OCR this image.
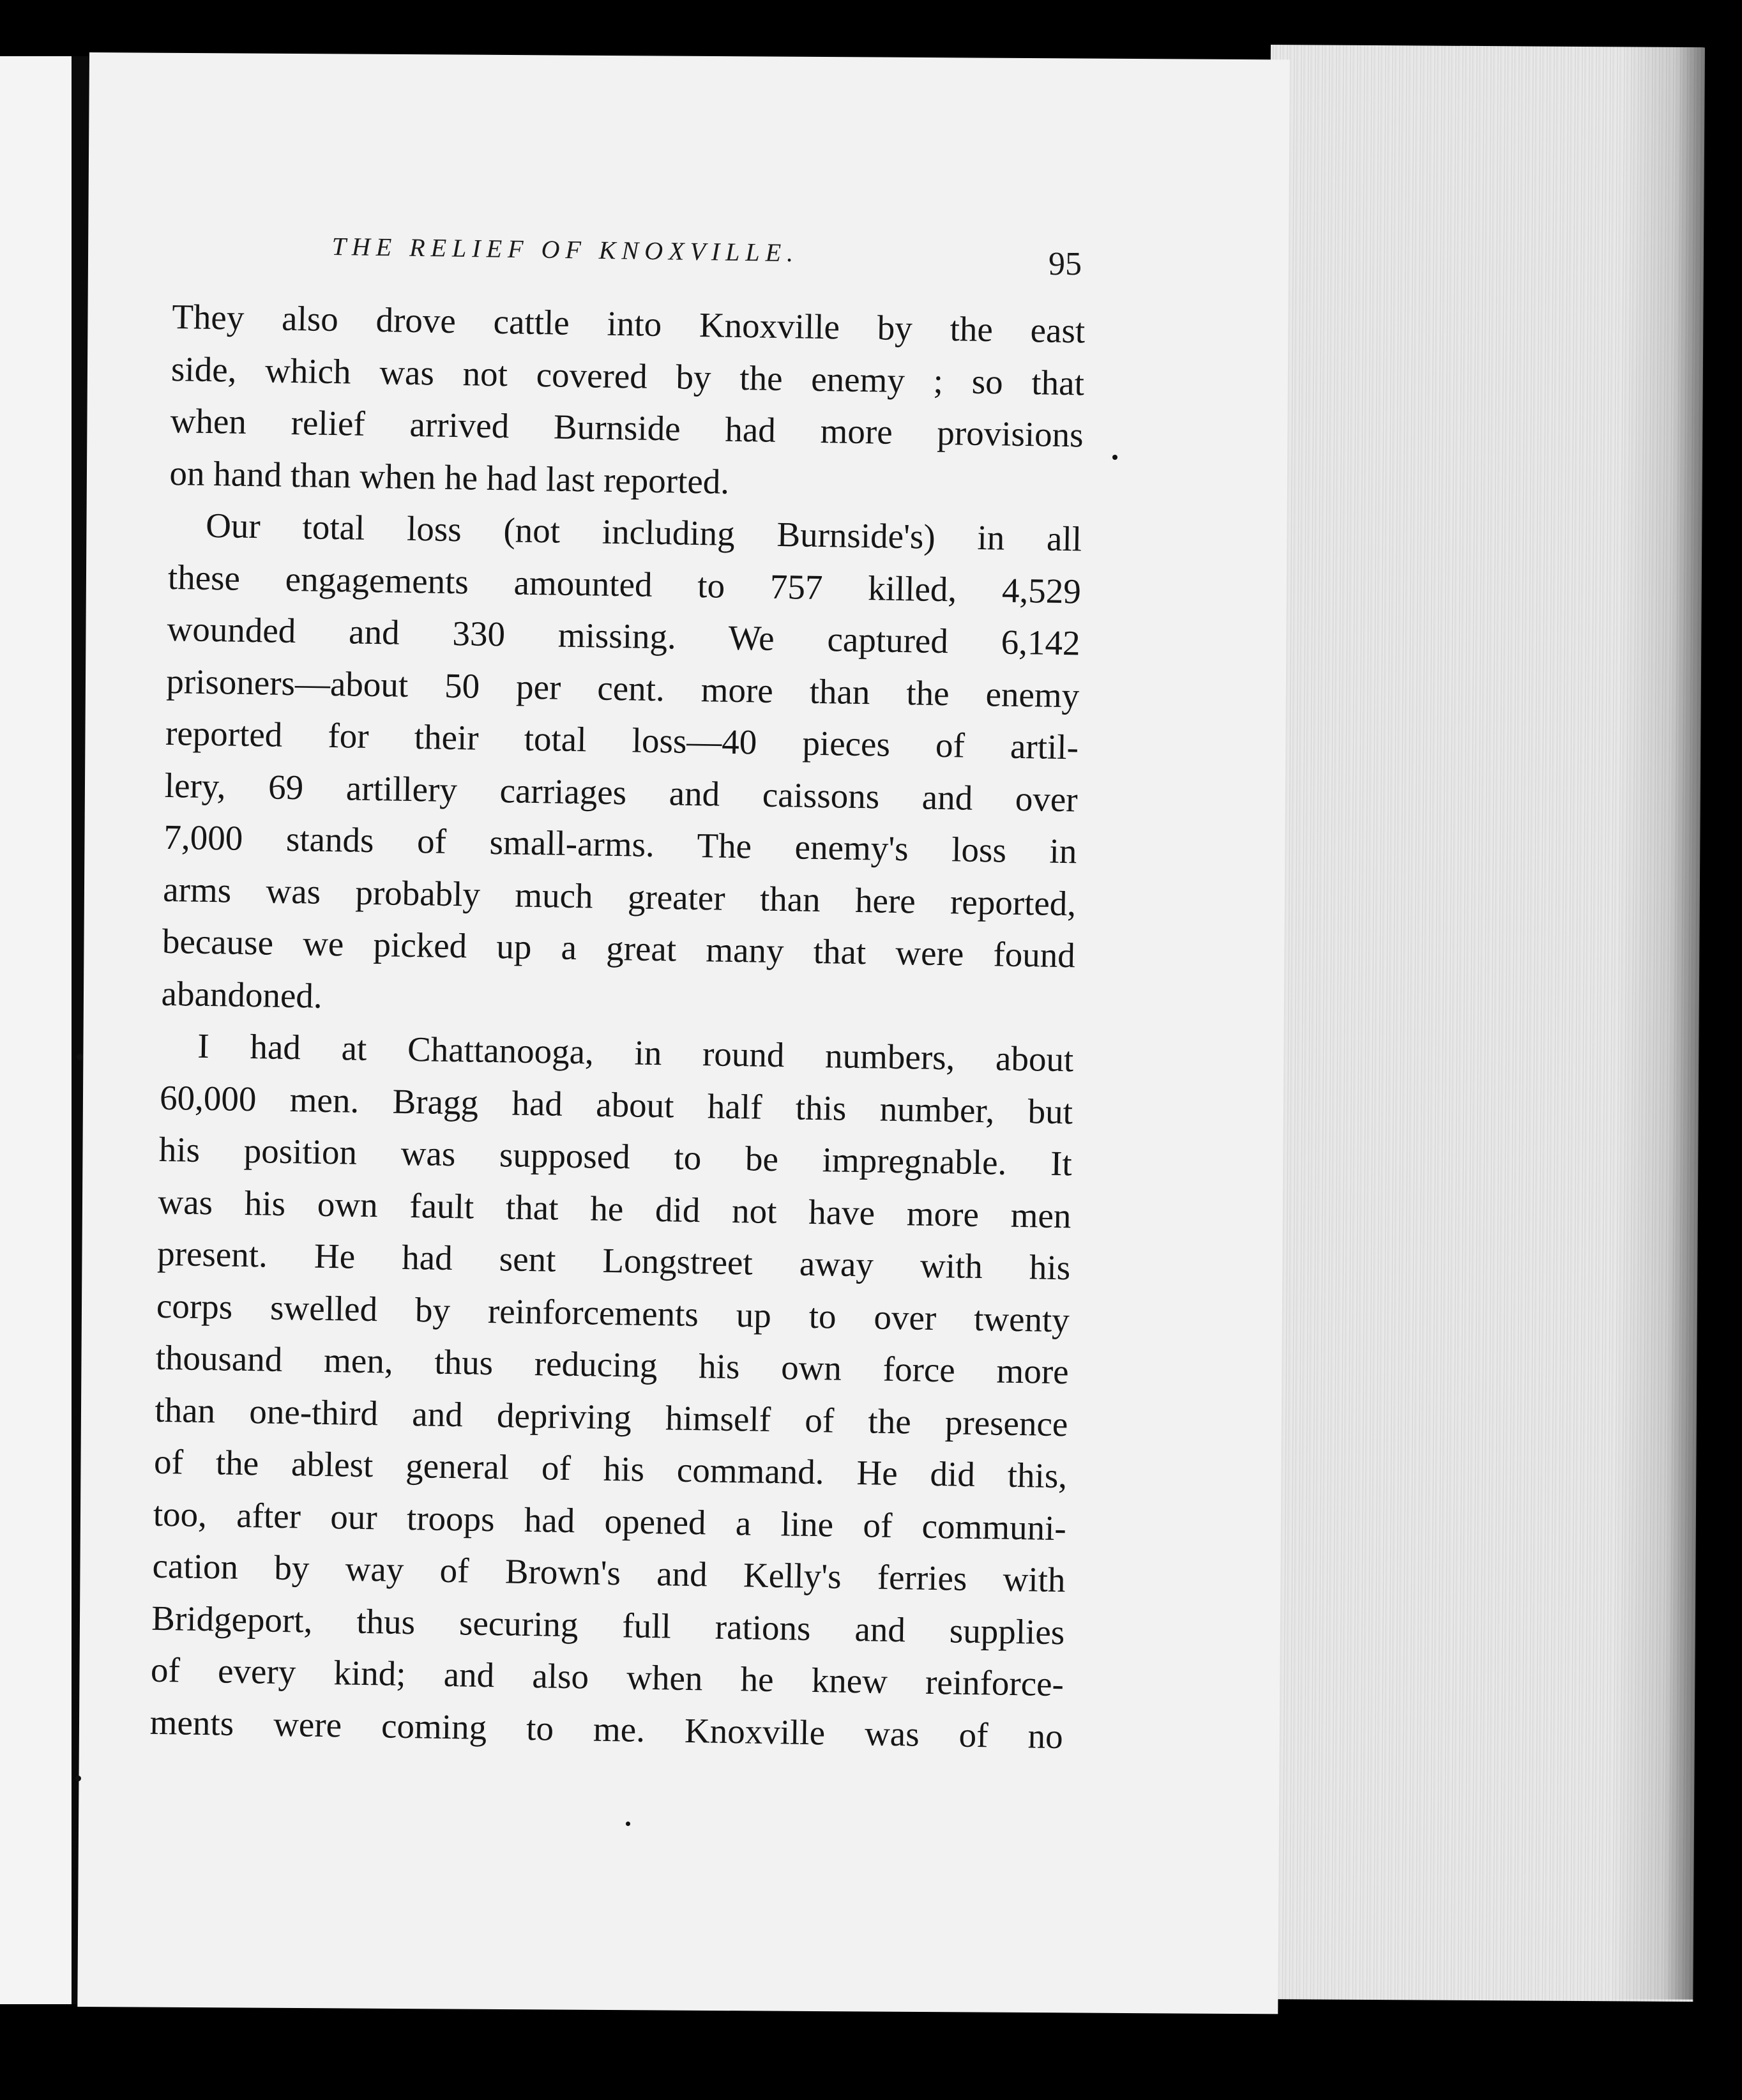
THE RELIEF OF KNOXVILLE.	95
They also drove cattle into Knoxville by the east
side, which was not covered by the enemy ; so that
when relief arrived Burnside had more provisions
on hand than when he had last reported.
Our total loss (not including Burnside's) in all
these engagements amounted to 757 killed, 4,529
wounded and 330 missing. We captured 6,142
prisoners—about 50 per cent. more than the enemy
reported for their total loss—40 pieces of artil-
lery, 69 artillery carriages and caissons and over
7,000 stands of small-arms. The enemy's loss in
arms was probably much greater than here reported,
because we picked up a great many that were found
abandoned.
I had at Chattanooga, in round numbers, about
60,000 men. Bragg had about half this number, but
his position was supposed to be impregnable. It
was his own fault that he did not have more men
present. He had sent Longstreet away with his
corps swelled by reinforcements up to over twenty
thousand men, thus reducing his own force more
than one-third and depriving himself of the presence
of the ablest general of his command. He did this,
too, after our troops had opened a line of communi-
cation by way of Brown's and Kelly's ferries with
Bridgeport, thus securing full rations and supplies
of every kind; and also when he knew reinforce-
ments were coming to me. Knoxville was of no
